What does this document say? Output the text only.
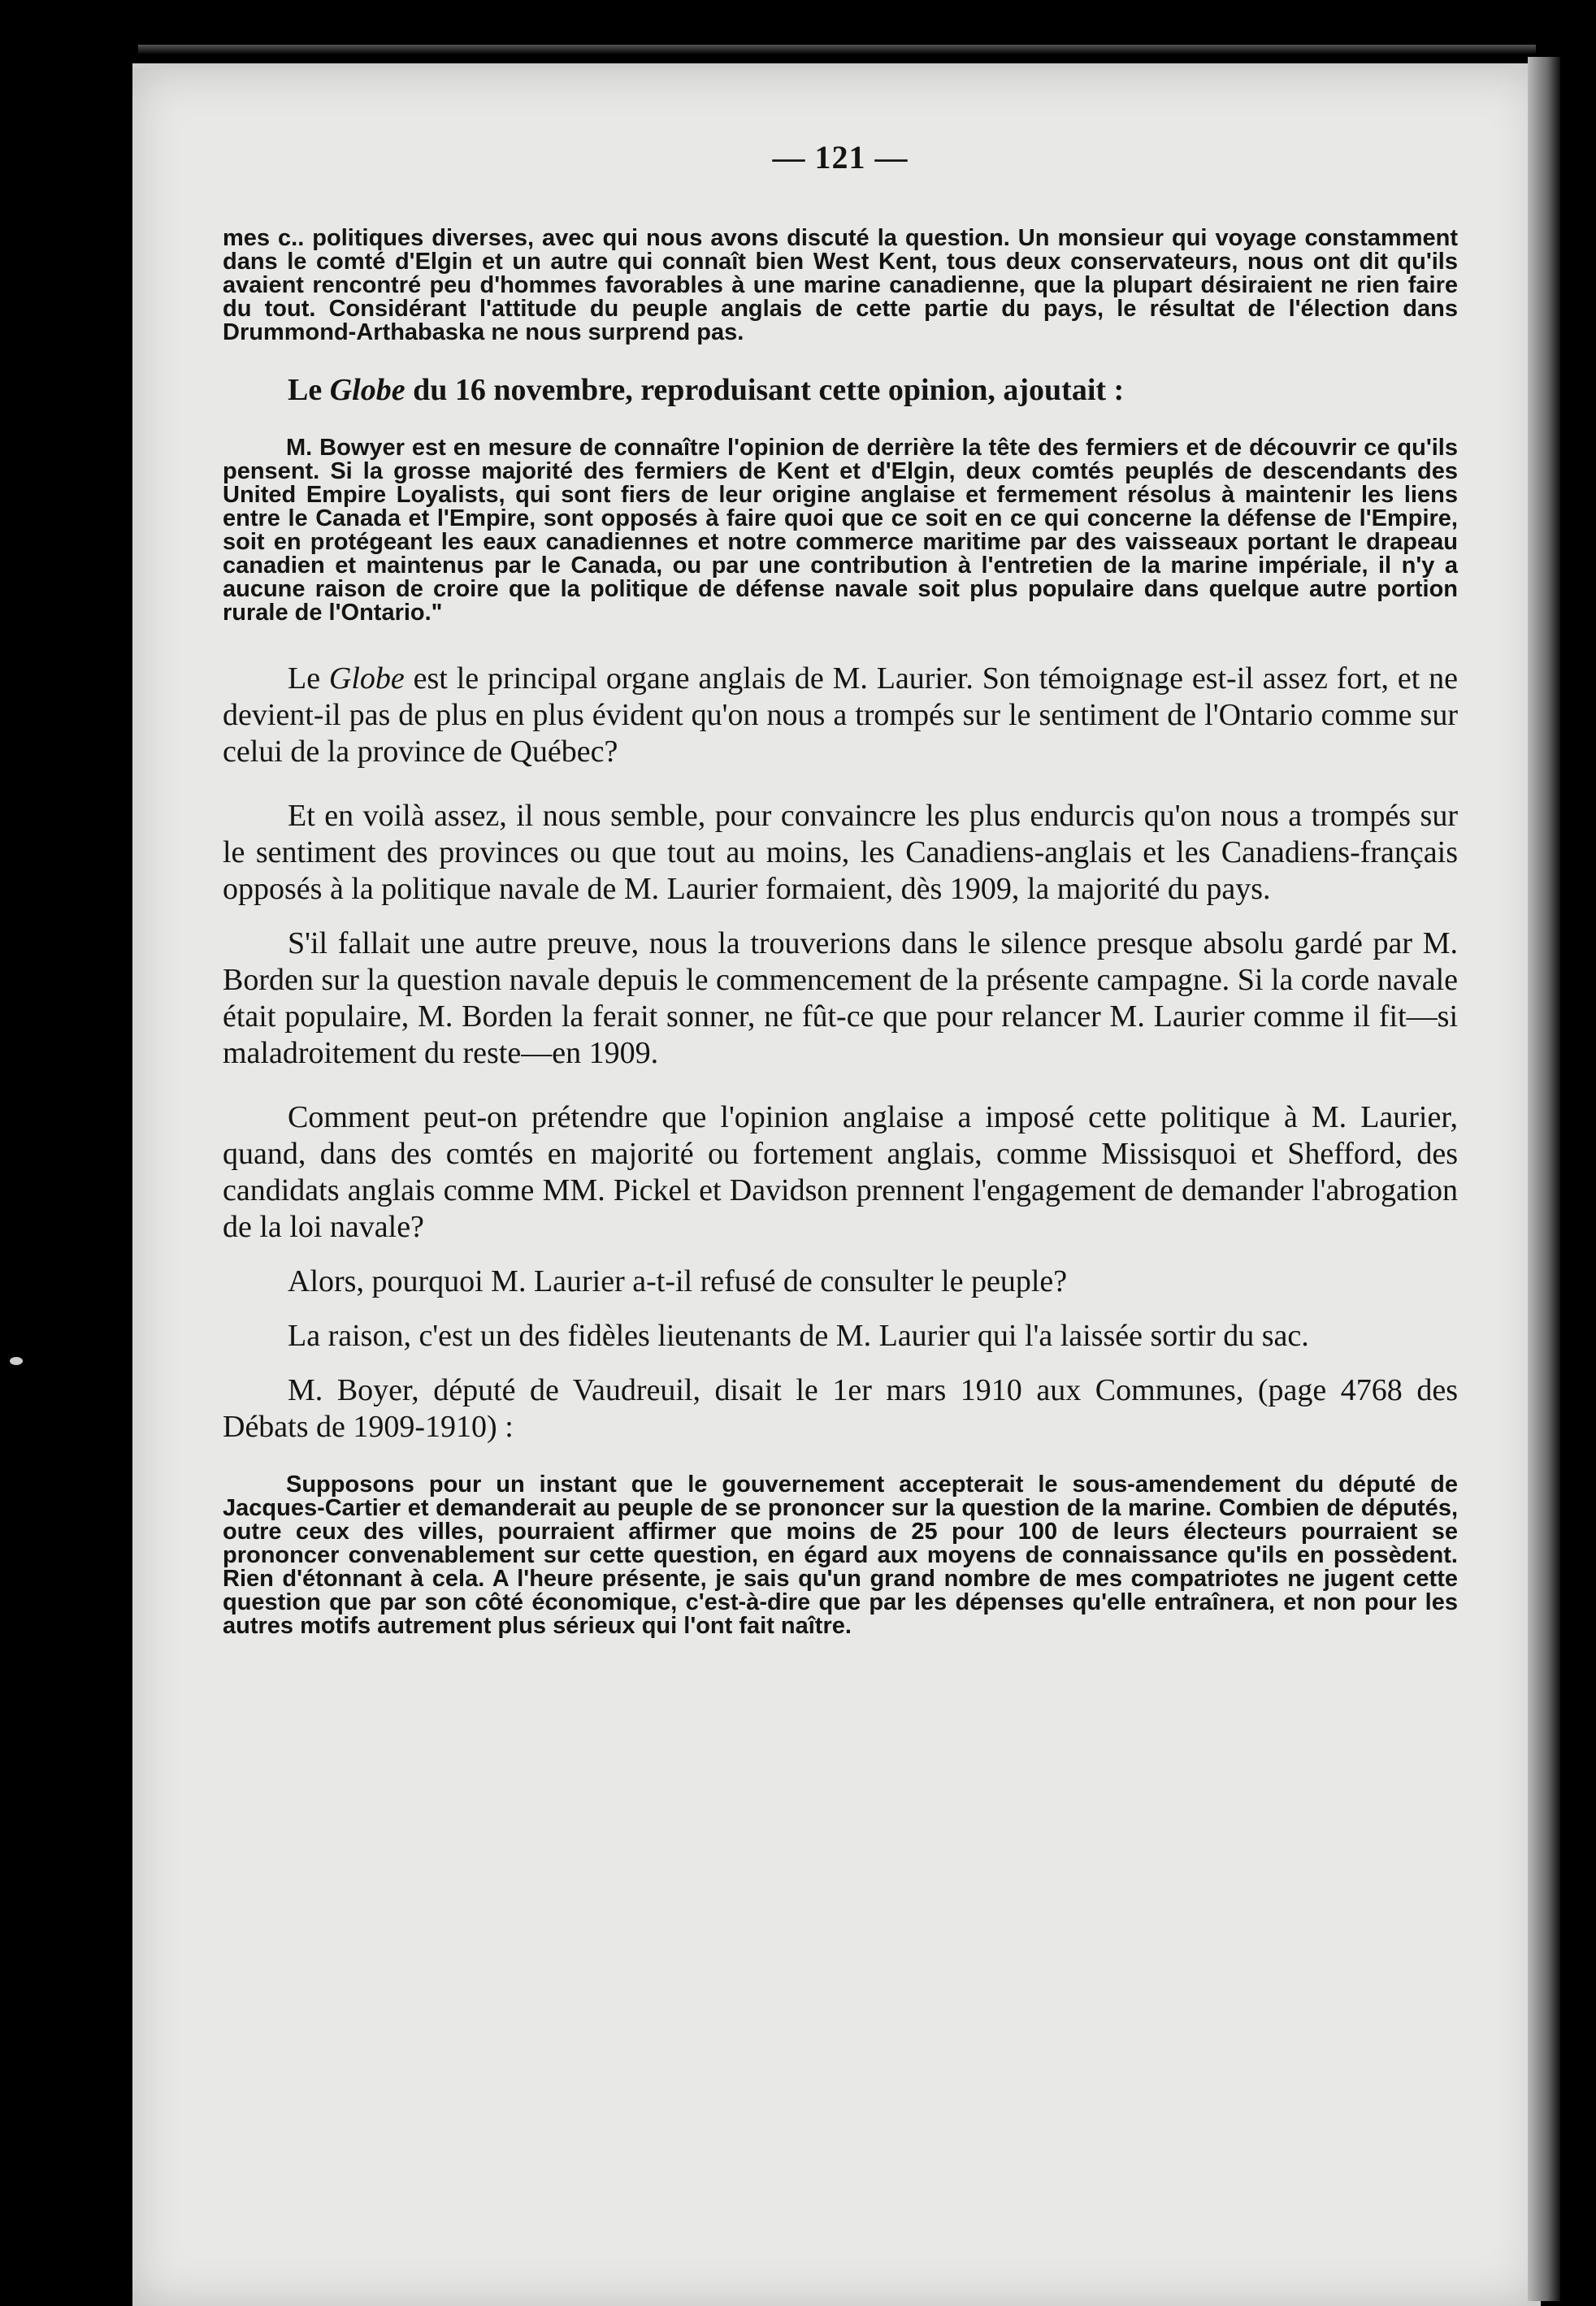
— 121 —

mes c.. politiques diverses, avec qui nous avons discuté la question. Un monsieur qui voyage constamment dans le comté d'Elgin et un autre qui connaît bien West Kent, tous deux conservateurs, nous ont dit qu'ils avaient rencontré peu d'hommes favorables à une marine canadienne, que la plupart désiraient ne rien faire du tout. Considérant l'attitude du peuple anglais de cette partie du pays, le résultat de l'élection dans Drummond-Arthabaska ne nous surprend pas.

Le Globe du 16 novembre, reproduisant cette opinion, ajoutait :

M. Bowyer est en mesure de connaître l'opinion de derrière la tête des fermiers et de découvrir ce qu'ils pensent. Si la grosse majorité des fermiers de Kent et d'Elgin, deux comtés peuplés de descendants des United Empire Loyalists, qui sont fiers de leur origine anglaise et fermement résolus à maintenir les liens entre le Canada et l'Empire, sont opposés à faire quoi que ce soit en ce qui concerne la défense de l'Empire, soit en protégeant les eaux canadiennes et notre commerce maritime par des vaisseaux portant le drapeau canadien et maintenus par le Canada, ou par une contribution à l'entretien de la marine impériale, il n'y a aucune raison de croire que la politique de défense navale soit plus populaire dans quelque autre portion rurale de l'Ontario."

Le Globe est le principal organe anglais de M. Laurier. Son témoignage est-il assez fort, et ne devient-il pas de plus en plus évident qu'on nous a trompés sur le sentiment de l'Ontario comme sur celui de la province de Québec?

Et en voilà assez, il nous semble, pour convaincre les plus endurcis qu'on nous a trompés sur le sentiment des provinces ou que tout au moins, les Canadiens-anglais et les Canadiens-français opposés à la politique navale de M. Laurier formaient, dès 1909, la majorité du pays.

S'il fallait une autre preuve, nous la trouverions dans le silence presque absolu gardé par M. Borden sur la question navale depuis le commencement de la présente campagne. Si la corde navale était populaire, M. Borden la ferait sonner, ne fût-ce que pour relancer M. Laurier comme il fit—si maladroitement du reste—en 1909.

Comment peut-on prétendre que l'opinion anglaise a imposé cette politique à M. Laurier, quand, dans des comtés en majorité ou fortement anglais, comme Missisquoi et Shefford, des candidats anglais comme MM. Pickel et Davidson prennent l'engagement de demander l'abrogation de la loi navale?

Alors, pourquoi M. Laurier a-t-il refusé de consulter le peuple?

La raison, c'est un des fidèles lieutenants de M. Laurier qui l'a laissée sortir du sac.

M. Boyer, député de Vaudreuil, disait le 1er mars 1910 aux Communes, (page 4768 des Débats de 1909-1910) :

Supposons pour un instant que le gouvernement accepterait le sous-amendement du député de Jacques-Cartier et demanderait au peuple de se prononcer sur la question de la marine. Combien de députés, outre ceux des villes, pourraient affirmer que moins de 25 pour 100 de leurs électeurs pourraient se prononcer convenablement sur cette question, en égard aux moyens de connaissance qu'ils en possèdent. Rien d'étonnant à cela. A l'heure présente, je sais qu'un grand nombre de mes compatriotes ne jugent cette question que par son côté économique, c'est-à-dire que par les dépenses qu'elle entraînera, et non pour les autres motifs autrement plus sérieux qui l'ont fait naître.
